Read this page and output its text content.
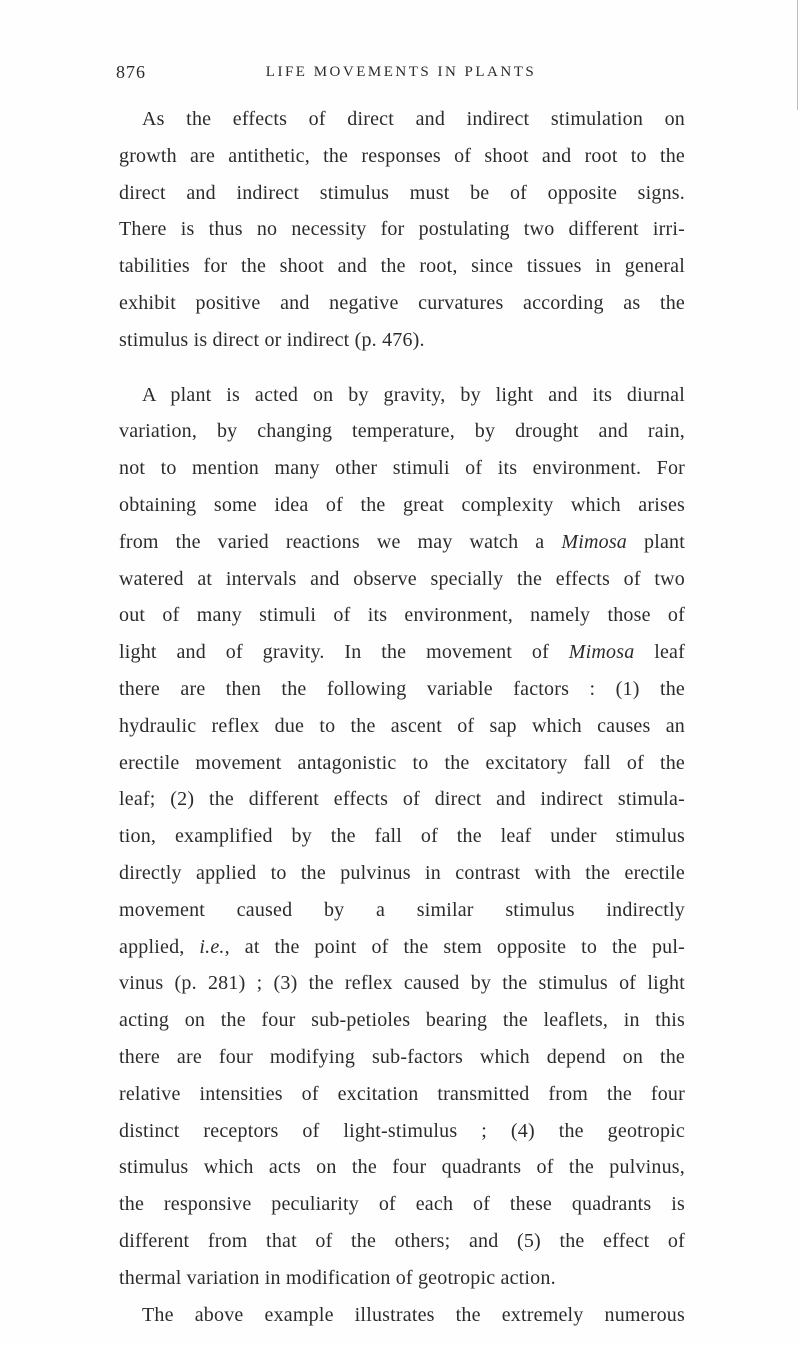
876	LIFE MOVEMENTS IN PLANTS
As the effects of direct and indirect stimulation on
growth are antithetic, the responses of shoot and root to the
direct and indirect stimulus must be of opposite signs.
There is thus no necessity for postulating two different irri-
tabilities for the shoot and the root, since tissues in general
exhibit positive and negative curvatures according as the
stimulus is direct or indirect (p. 476).
A plant is acted on by gravity, by light and its diurnal
variation, by changing temperature, by drought and rain,
not to mention many other stimuli of its environment. For
obtaining some idea of the great complexity which arises
from the varied reactions we may watch a Mimosa plant
watered at intervals and observe specially the effects of two
out of many stimuli of its environment, namely those of
light and of gravity. In the movement of Mimosa leaf
there are then the following variable factors : (1) the
hydraulic reflex due to the ascent of sap which causes an
erectile movement antagonistic to the excitatory fall of the
leaf; (2) the different effects of direct and indirect stimula-
tion, examplified by the fall of the leaf under stimulus
directly applied to the pulvinus in contrast with the erectile
movement caused by a similar stimulus indirectly
applied, i.e., at the point of the stem opposite to the pul-
vinus (p. 281) ; (3) the reflex caused by the stimulus of light
acting on the four sub-petioles bearing the leaflets, in this
there are four modifying sub-factors which depend on the
relative intensities of excitation transmitted from the four
distinct receptors of light-stimulus ; (4) the geotropic
stimulus which acts on the four quadrants of the pulvinus,
the responsive peculiarity of each of these quadrants is
different from that of the others; and (5) the effect of
thermal variation in modification of geotropic action.
The above example illustrates the extremely numerous
